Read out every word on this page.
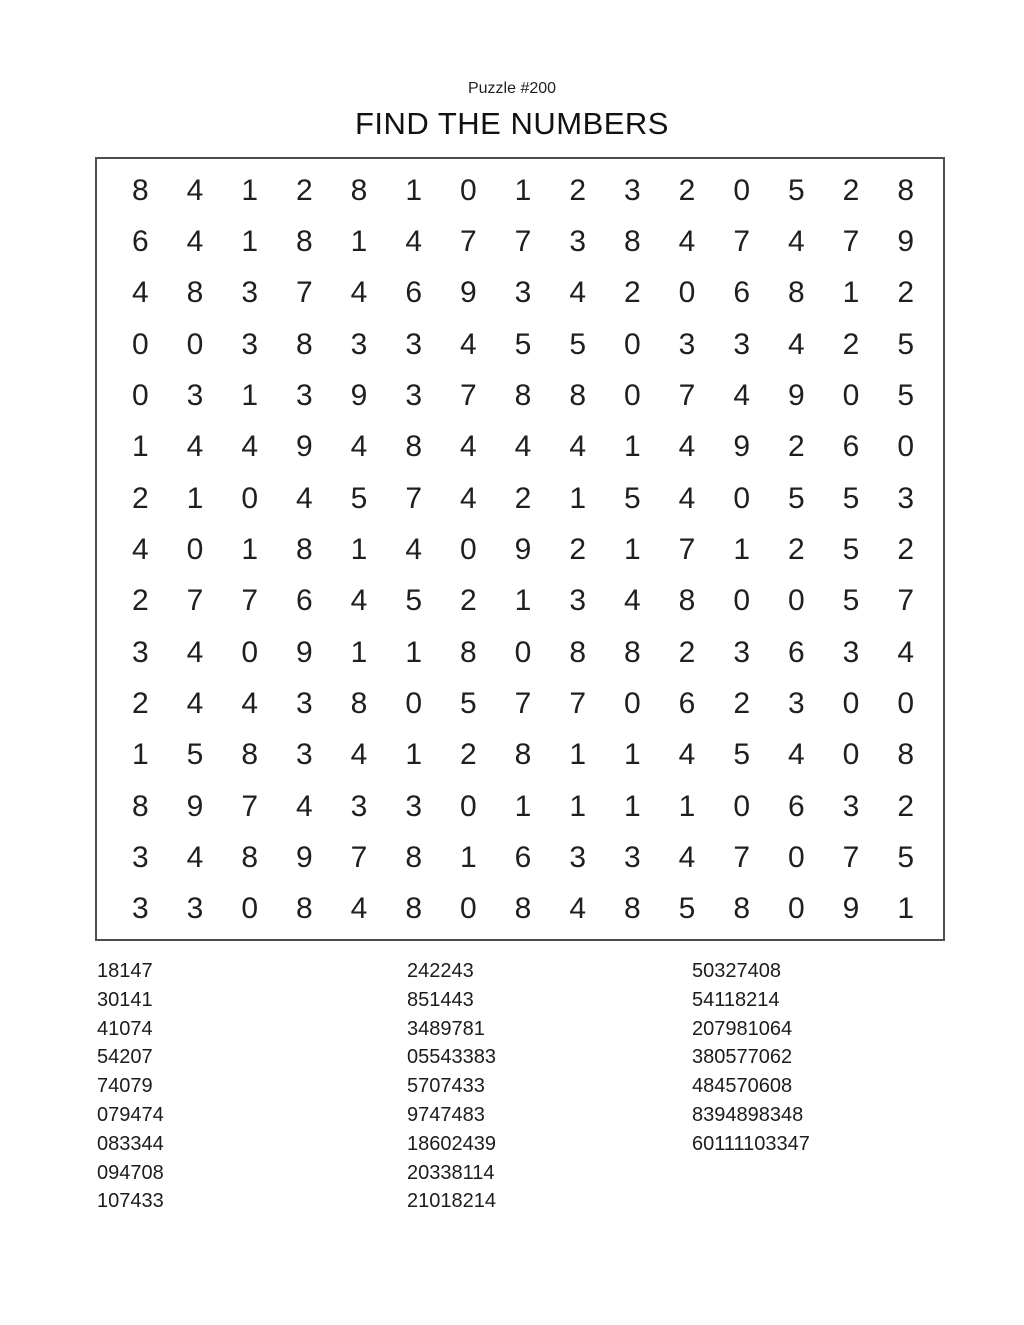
Puzzle #200
FIND THE NUMBERS
8	4	1	2	8	1	0	1	2	3	2	0	5	2	8
6	4	1	8	1	4	7	7	3	8	4	7	4	7	9
4	8	3	7	4	6	9	3	4	2	0	6	8	1	2
0	0	3	8	3	3	4	5	5	0	3	3	4	2	5
0	3	1	3	9	3	7	8	8	0	7	4	9	0	5
1	4	4	9	4	8	4	4	4	1	4	9	2	6	0
2	1	0	4	5	7	4	2	1	5	4	0	5	5	3
4	0	1	8	1	4	0	9	2	1	7	1	2	5	2
2	7	7	6	4	5	2	1	3	4	8	0	0	5	7
3	4	0	9	1	1	8	0	8	8	2	3	6	3	4
2	4	4	3	8	0	5	7	7	0	6	2	3	0	0
1	5	8	3	4	1	2	8	1	1	4	5	4	0	8
8	9	7	4	3	3	0	1	1	1	1	0	6	3	2
3	4	8	9	7	8	1	6	3	3	4	7	0	7	5
3	3	0	8	4	8	0	8	4	8	5	8	0	9	1
18147
30141
41074
54207
74079
079474
083344
094708
107433
242243
851443
3489781
05543383
5707433
9747483
18602439
20338114
21018214
50327408
54118214
207981064
380577062
484570608
8394898348
60111103347
